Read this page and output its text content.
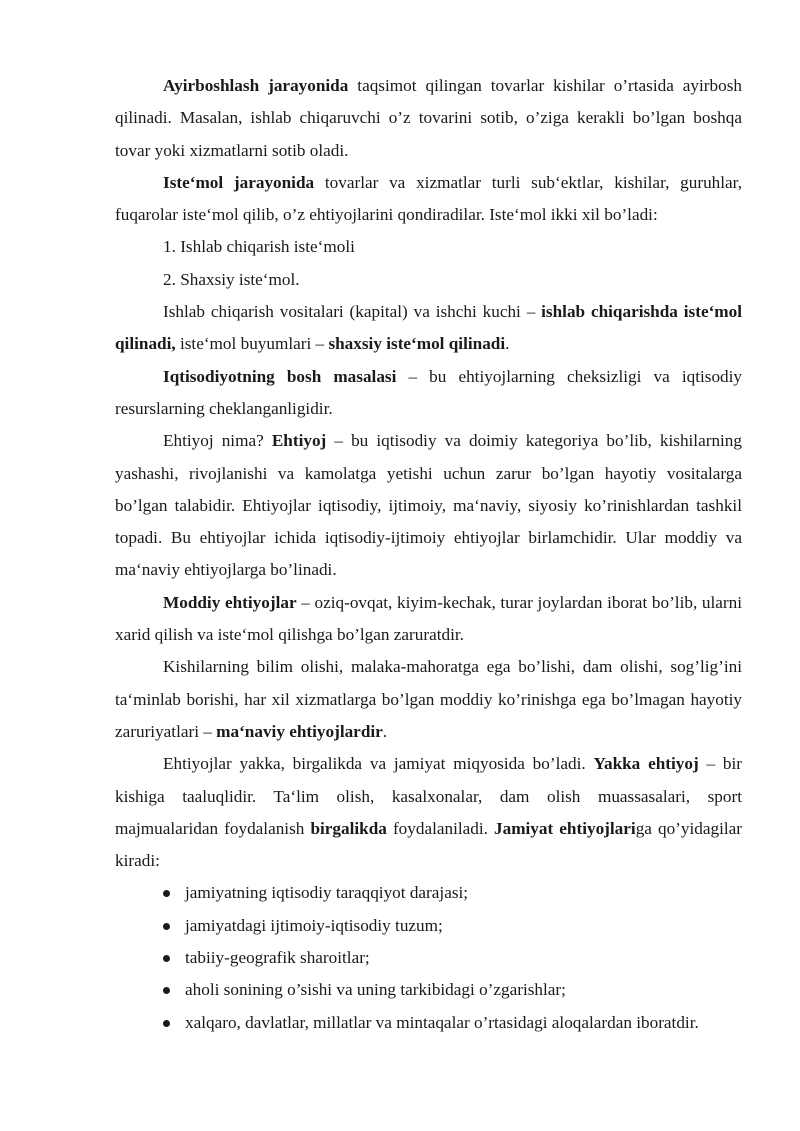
Ayirboshlash jarayonida taqsimot qilingan tovarlar kishilar o’rtasida ayirbosh qilinadi. Masalan, ishlab chiqaruvchi o’z tovarini sotib, o’ziga kerakli bo’lgan boshqa tovar yoki xizmatlarni sotib oladi.

Iste‘mol jarayonida tovarlar va xizmatlar turli sub‘ektlar, kishilar, guruhlar, fuqarolar iste‘mol qilib, o’z ehtiyojlarini qondiradilar. Iste‘mol ikki xil bo’ladi:

1. Ishlab chiqarish iste‘moli

2. Shaxsiy iste‘mol.

Ishlab chiqarish vositalari (kapital) va ishchi kuchi – ishlab chiqarishda iste‘mol qilinadi, iste‘mol buyumlari – shaxsiy iste‘mol qilinadi.

Iqtisodiyotning bosh masalasi – bu ehtiyojlarning cheksizligi va iqtisodiy resurslarning cheklanganligidir.

Ehtiyoj nima? Ehtiyoj – bu iqtisodiy va doimiy kategoriya bo’lib, kishilarning yashashi, rivojlanishi va kamolatga yetishi uchun zarur bo’lgan hayotiy vositalarga bo’lgan talabidir. Ehtiyojlar iqtisodiy, ijtimoiy, ma‘naviy, siyosiy ko’rinishlardan tashkil topadi. Bu ehtiyojlar ichida iqtisodiy-ijtimoiy ehtiyojlar birlamchidir. Ular moddiy va ma‘naviy ehtiyojlarga bo’linadi.

Moddiy ehtiyojlar – oziq-ovqat, kiyim-kechak, turar joylardan iborat bo’lib, ularni xarid qilish va iste‘mol qilishga bo’lgan zaruratdir.

Kishilarning bilim olishi, malaka-mahoratga ega bo’lishi, dam olishi, sog’lig’ini ta‘minlab borishi, har xil xizmatlarga bo’lgan moddiy ko’rinishga ega bo’lmagan hayotiy zaruriyatlari – ma‘naviy ehtiyojlardir.

Ehtiyojlar yakka, birgalikda va jamiyat miqyosida bo’ladi. Yakka ehtiyoj – bir kishiga taaluqlidir. Ta‘lim olish, kasalxonalar, dam olish muassasalari, sport majmualaridan foydalanish birgalikda foydalaniladi. Jamiyat ehtiyojlariga qo’yidagilar kiradi:

jamiyatning iqtisodiy taraqqiyot darajasi;
jamiyatdagi ijtimoiy-iqtisodiy tuzum;
tabiiy-geografik sharoitlar;
aholi sonining o’sishi va uning tarkibidagi o’zgarishlar;
xalqaro, davlatlar, millatlar va mintaqalar o’rtasidagi aloqalardan iboratdir.
